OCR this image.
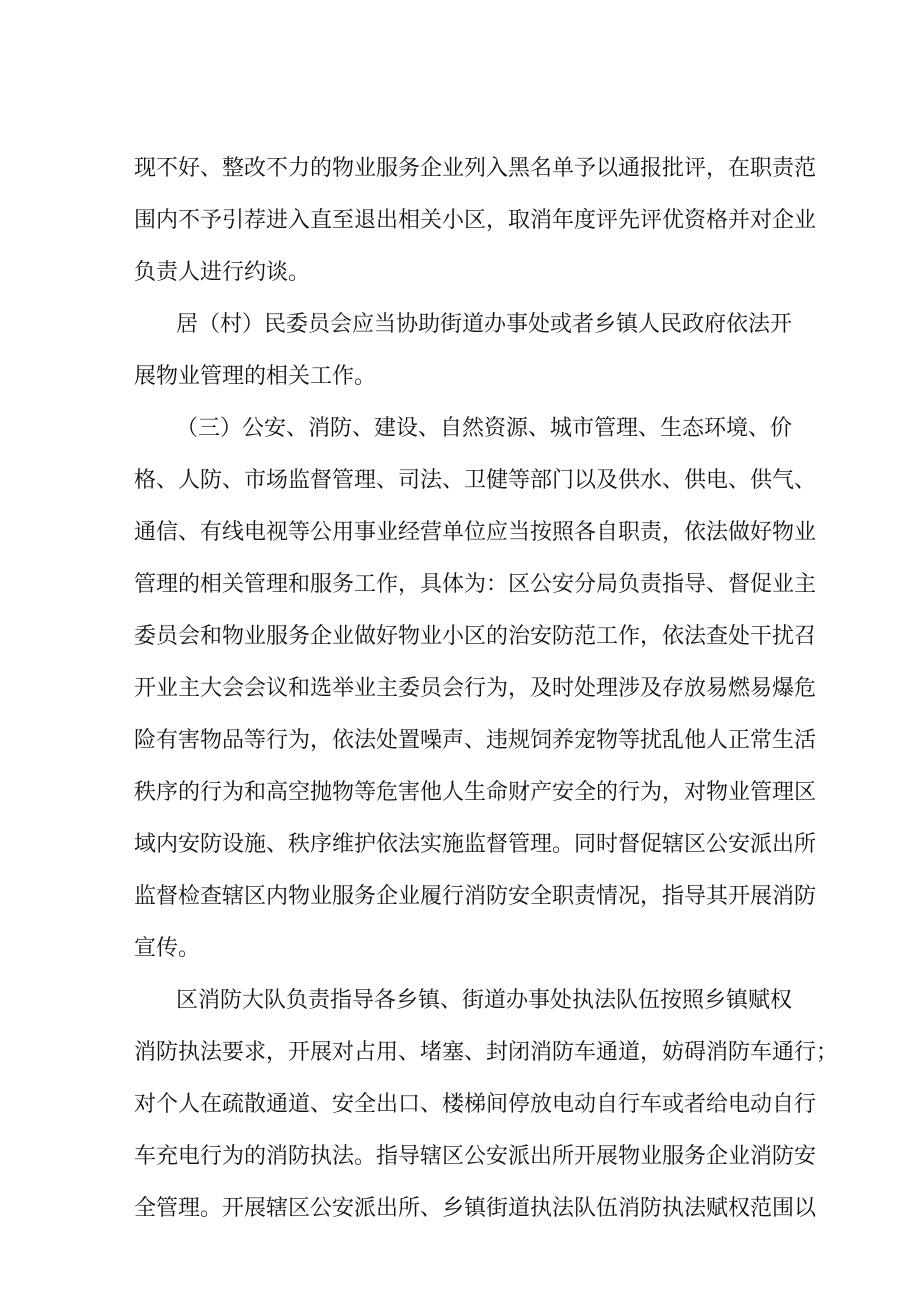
现不好、整改不力的物业服务企业列入黑名单予以通报批评，在职责范
围内不予引荐进入直至退出相关小区，取消年度评先评优资格并对企业
负责人进行约谈。
居（村）民委员会应当协助街道办事处或者乡镇人民政府依法开
展物业管理的相关工作。
（三）公安、消防、建设、自然资源、城市管理、生态环境、价
格、人防、市场监督管理、司法、卫健等部门以及供水、供电、供气、
通信、有线电视等公用事业经营单位应当按照各自职责，依法做好物业
管理的相关管理和服务工作，具体为：区公安分局负责指导、督促业主
委员会和物业服务企业做好物业小区的治安防范工作，依法查处干扰召
开业主大会会议和选举业主委员会行为，及时处理涉及存放易燃易爆危
险有害物品等行为，依法处置噪声、违规饲养宠物等扰乱他人正常生活
秩序的行为和高空抛物等危害他人生命财产安全的行为，对物业管理区
域内安防设施、秩序维护依法实施监督管理。同时督促辖区公安派出所
监督检查辖区内物业服务企业履行消防安全职责情况，指导其开展消防
宣传。
区消防大队负责指导各乡镇、街道办事处执法队伍按照乡镇赋权
消防执法要求，开展对占用、堵塞、封闭消防车通道，妨碍消防车通行；
对个人在疏散通道、安全出口、楼梯间停放电动自行车或者给电动自行
车充电行为的消防执法。指导辖区公安派出所开展物业服务企业消防安
全管理。开展辖区公安派出所、乡镇街道执法队伍消防执法赋权范围以
